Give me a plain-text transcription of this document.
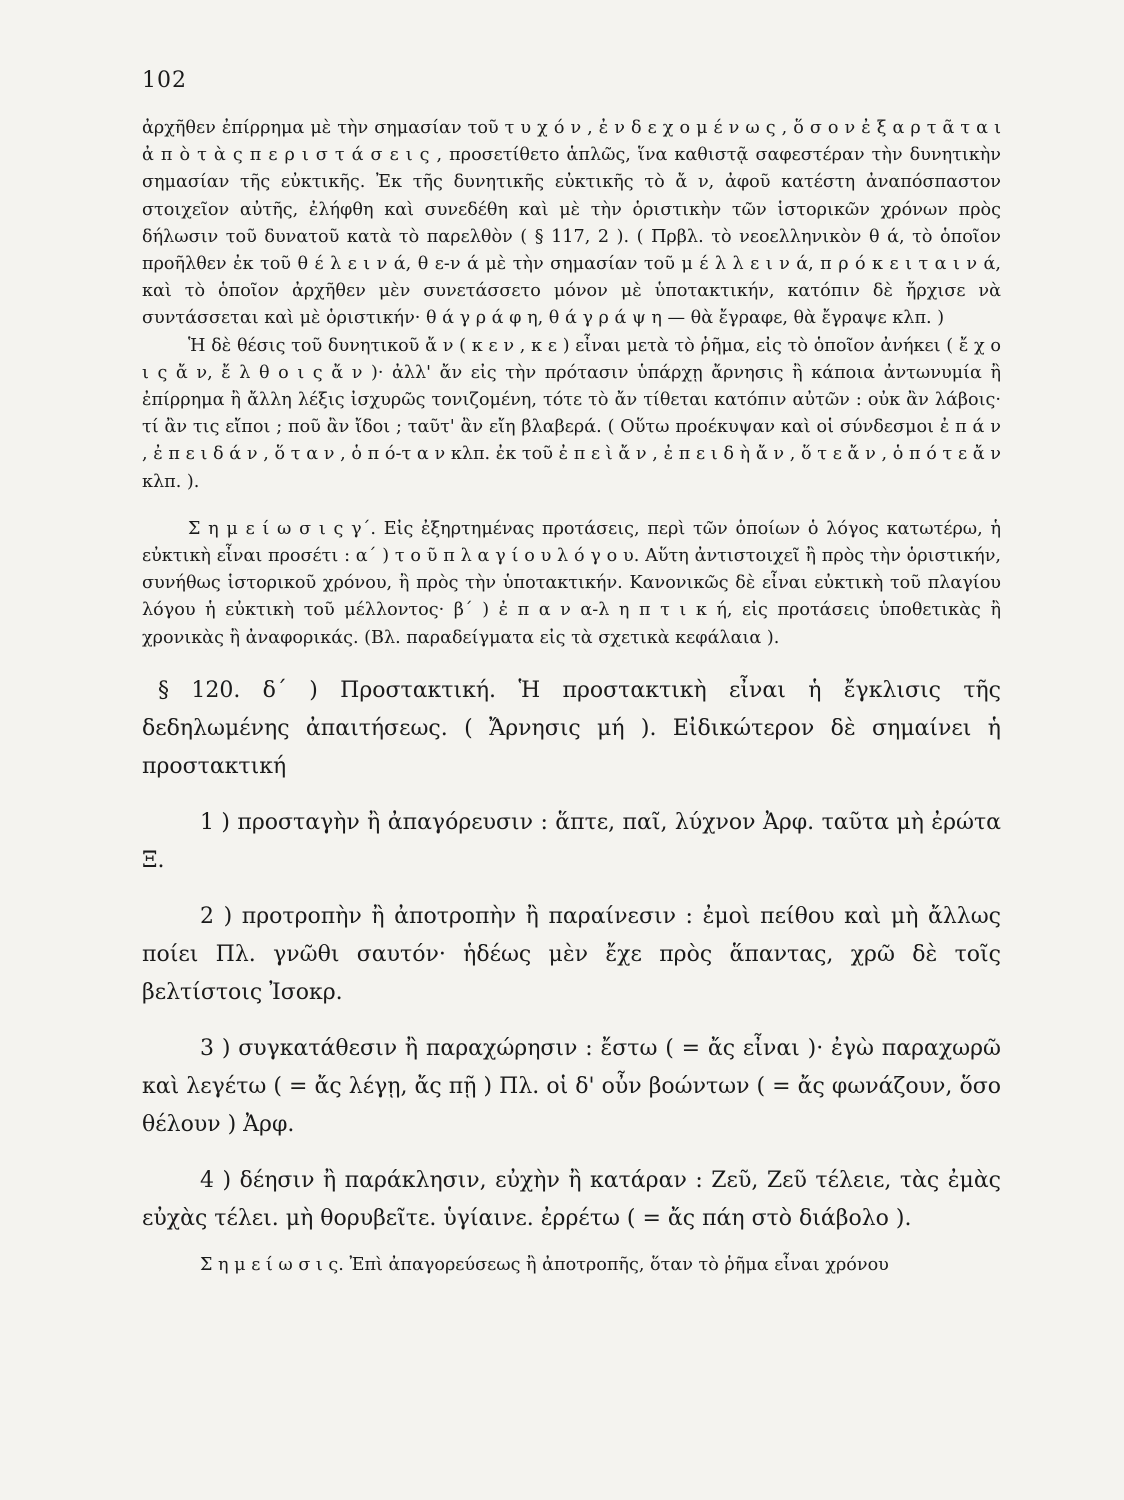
102

ἀρχῆθεν ἐπίρρημα μὲ τὴν σημασίαν τοῦ τ υ χ ό ν , ἐ ν δ ε χ ο μ έ ν ω ς , ὅ σ ο ν ἐ ξ α ρ τ ᾶ τ α ι ἀ π ὸ τ ὰ ς π ε ρ ι σ τ ά σ ε ι ς , προσετίθετο ἁπλῶς, ἵνα καθιστᾷ σαφεστέραν τὴν δυνητικὴν σημασίαν τῆς εὐκτικῆς. Ἐκ τῆς δυνητικῆς εὐκτικῆς τὸ ἄ ν, ἀφοῦ κατέστη ἀναπόσπαστον στοιχεῖον αὐτῆς, ἐλήφθη καὶ συνεδέθη καὶ μὲ τὴν ὁριστικὴν τῶν ἱστορικῶν χρόνων πρὸς δήλωσιν τοῦ δυνατοῦ κατὰ τὸ παρελθὸν ( § 117, 2 ). ( Πρβλ. τὸ νεοελληνικὸν θ ά, τὸ ὁποῖον προῆλθεν ἐκ τοῦ θ έ λ ε ι ν ά, θ ε-ν ά μὲ τὴν σημασίαν τοῦ μ έ λ λ ε ι ν ά, π ρ ό κ ε ι τ α ι ν ά, καὶ τὸ ὁποῖον ἀρχῆθεν μὲν συνετάσσετο μόνον μὲ ὑποτακτικήν, κατόπιν δὲ ἤρχισε νὰ συντάσσεται καὶ μὲ ὁριστικήν· θ ά γ ρ ά φ η, θ ά γ ρ ά ψ η — θὰ ἔγραφε, θὰ ἔγραψε κλπ. )

Ἡ δὲ θέσις τοῦ δυνητικοῦ ἄ ν ( κ ε ν , κ ε ) εἶναι μετὰ τὸ ῥῆμα, εἰς τὸ ὁποῖον ἀνήκει ( ἔ χ ο ι ς ἄ ν, ἔ λ θ ο ι ς ἄ ν )· ἀλλ' ἄν εἰς τὴν πρότασιν ὑπάρχῃ ἄρνησις ἢ κάποια ἀντωνυμία ἢ ἐπίρρημα ἢ ἄλλη λέξις ἰσχυρῶς τονιζομένη, τότε τὸ ἄν τίθεται κατόπιν αὐτῶν : οὐκ ἂν λάβοις· τί ἂν τις εἴποι ; ποῦ ἂν ἴδοι ; ταῦτ' ἂν εἴη βλαβερά. ( Οὕτω προέκυψαν καὶ οἱ σύνδεσμοι ἐ π ά ν , ἐ π ε ι δ ά ν , ὅ τ α ν , ὁ π ό-τ α ν κλπ. ἐκ τοῦ ἐ π ε ὶ ἄ ν , ἐ π ε ι δ ὴ ἄ ν , ὅ τ ε ἄ ν , ὁ π ό τ ε ἄ ν κλπ. ).

Σ η μ ε ί ω σ ι ς γ΄. Εἰς ἐξηρτημένας προτάσεις, περὶ τῶν ὁποίων ὁ λόγος κατωτέρω, ἡ εὐκτικὴ εἶναι προσέτι : α΄ ) τ ο ῦ π λ α γ ί ο υ λ ό γ ο υ. Αὕτη ἀντιστοιχεῖ ἢ πρὸς τὴν ὁριστικήν, συνήθως ἱστορικοῦ χρόνου, ἢ πρὸς τὴν ὑποτακτικήν. Κανονικῶς δὲ εἶναι εὐκτικὴ τοῦ πλαγίου λόγου ἡ εὐκτικὴ τοῦ μέλλοντος· β΄ ) ἐ π α ν α-λ η π τ ι κ ή, εἰς προτάσεις ὑποθετικὰς ἢ χρονικὰς ἢ ἀναφορικάς. (Βλ. παραδείγματα εἰς τὰ σχετικὰ κεφάλαια ).

§ 120. δ΄ ) Προστακτική. Ἡ προστακτικὴ εἶναι ἡ ἔγκλισις τῆς δεδηλωμένης ἀπαιτήσεως. ( Ἄρνησις μή ). Εἰδικώτερον δὲ σημαίνει ἡ προστακτική

1 ) προσταγὴν ἢ ἀπαγόρευσιν : ἅπτε, παῖ, λύχνον Ἀρφ. ταῦτα μὴ ἐρώτα Ξ.

2 ) προτροπὴν ἢ ἀποτροπὴν ἢ παραίνεσιν : ἐμοὶ πείθου καὶ μὴ ἄλλως ποίει Πλ. γνῶθι σαυτόν· ἡδέως μὲν ἔχε πρὸς ἅπαντας, χρῶ δὲ τοῖς βελτίστοις Ἰσοκρ.

3 ) συγκατάθεσιν ἢ παραχώρησιν : ἔστω ( = ἄς εἶναι )· ἐγὼ παραχωρῶ καὶ λεγέτω ( = ἄς λέγῃ, ἄς πῇ ) Πλ. οἱ δ' οὖν βοώντων ( = ἄς φωνάζουν, ὅσο θέλουν ) Ἀρφ.

4 ) δέησιν ἢ παράκλησιν, εὐχὴν ἢ κατάραν : Ζεῦ, Ζεῦ τέλειε, τὰς ἐμὰς εὐχὰς τέλει. μὴ θορυβεῖτε. ὑγίαινε. ἐρρέτω ( = ἄς πάη στὸ διάβολο ).

Σ η μ ε ί ω σ ι ς. Ἐπὶ ἀπαγορεύσεως ἢ ἀποτροπῆς, ὅταν τὸ ῥῆμα εἶναι χρόνου
